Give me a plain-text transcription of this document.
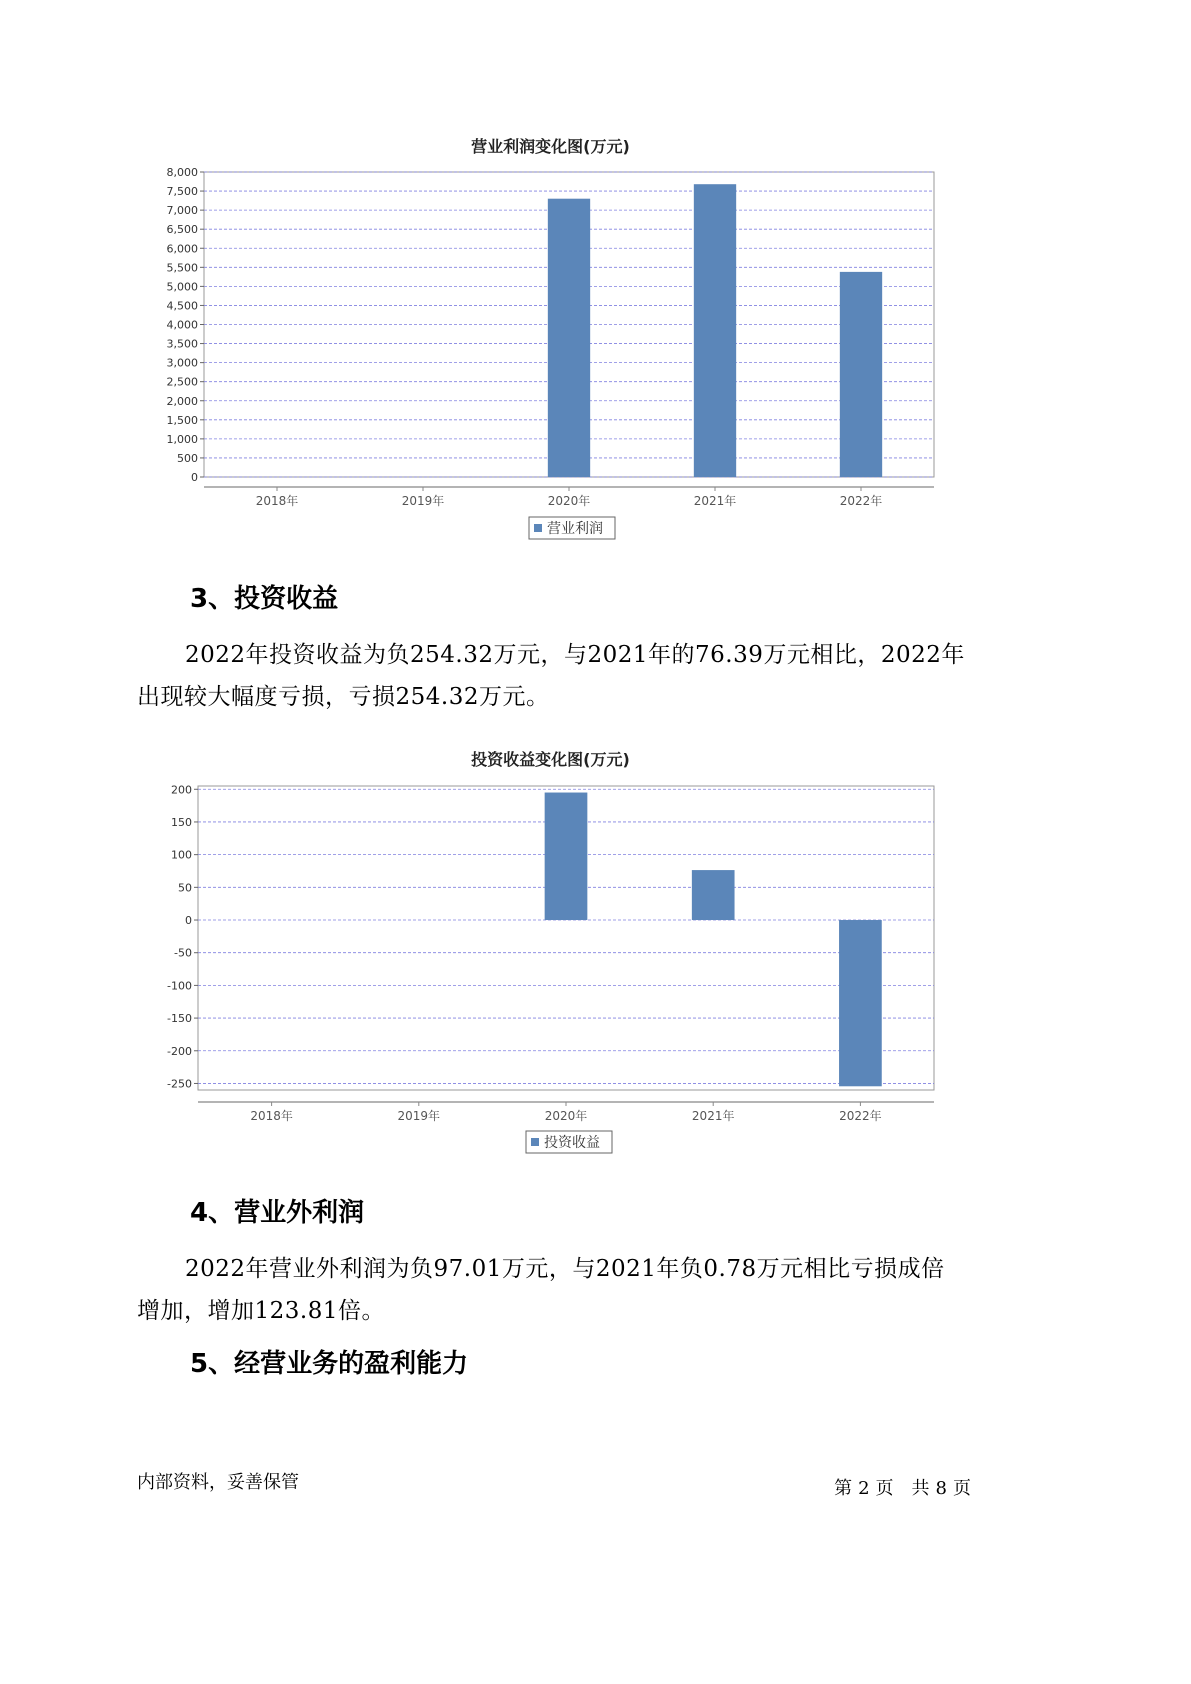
营业利润变化图(万元)
0
500
1,000
1,500
2,000
2,500
3,000
3,500
4,000
4,500
5,000
5,500
6,000
6,500
7,000
7,500
8,000
2018年	2019年	2020年	2021年	2022年
营业利润
3、投资收益
2022年投资收益为负254.32万元，与2021年的76.39万元相比，2022年
出现较大幅度亏损，亏损254.32万元。
投资收益变化图(万元)
200
150
100
50
0
-50
-100
-150
-200
-250
2018年	2019年	2020年	2021年	2022年
投资收益
4、营业外利润
2022年营业外利润为负97.01万元，与2021年负0.78万元相比亏损成倍
增加，增加123.81倍。
5、经营业务的盈利能力
内部资料，妥善保管	第 2 页　共 8 页
